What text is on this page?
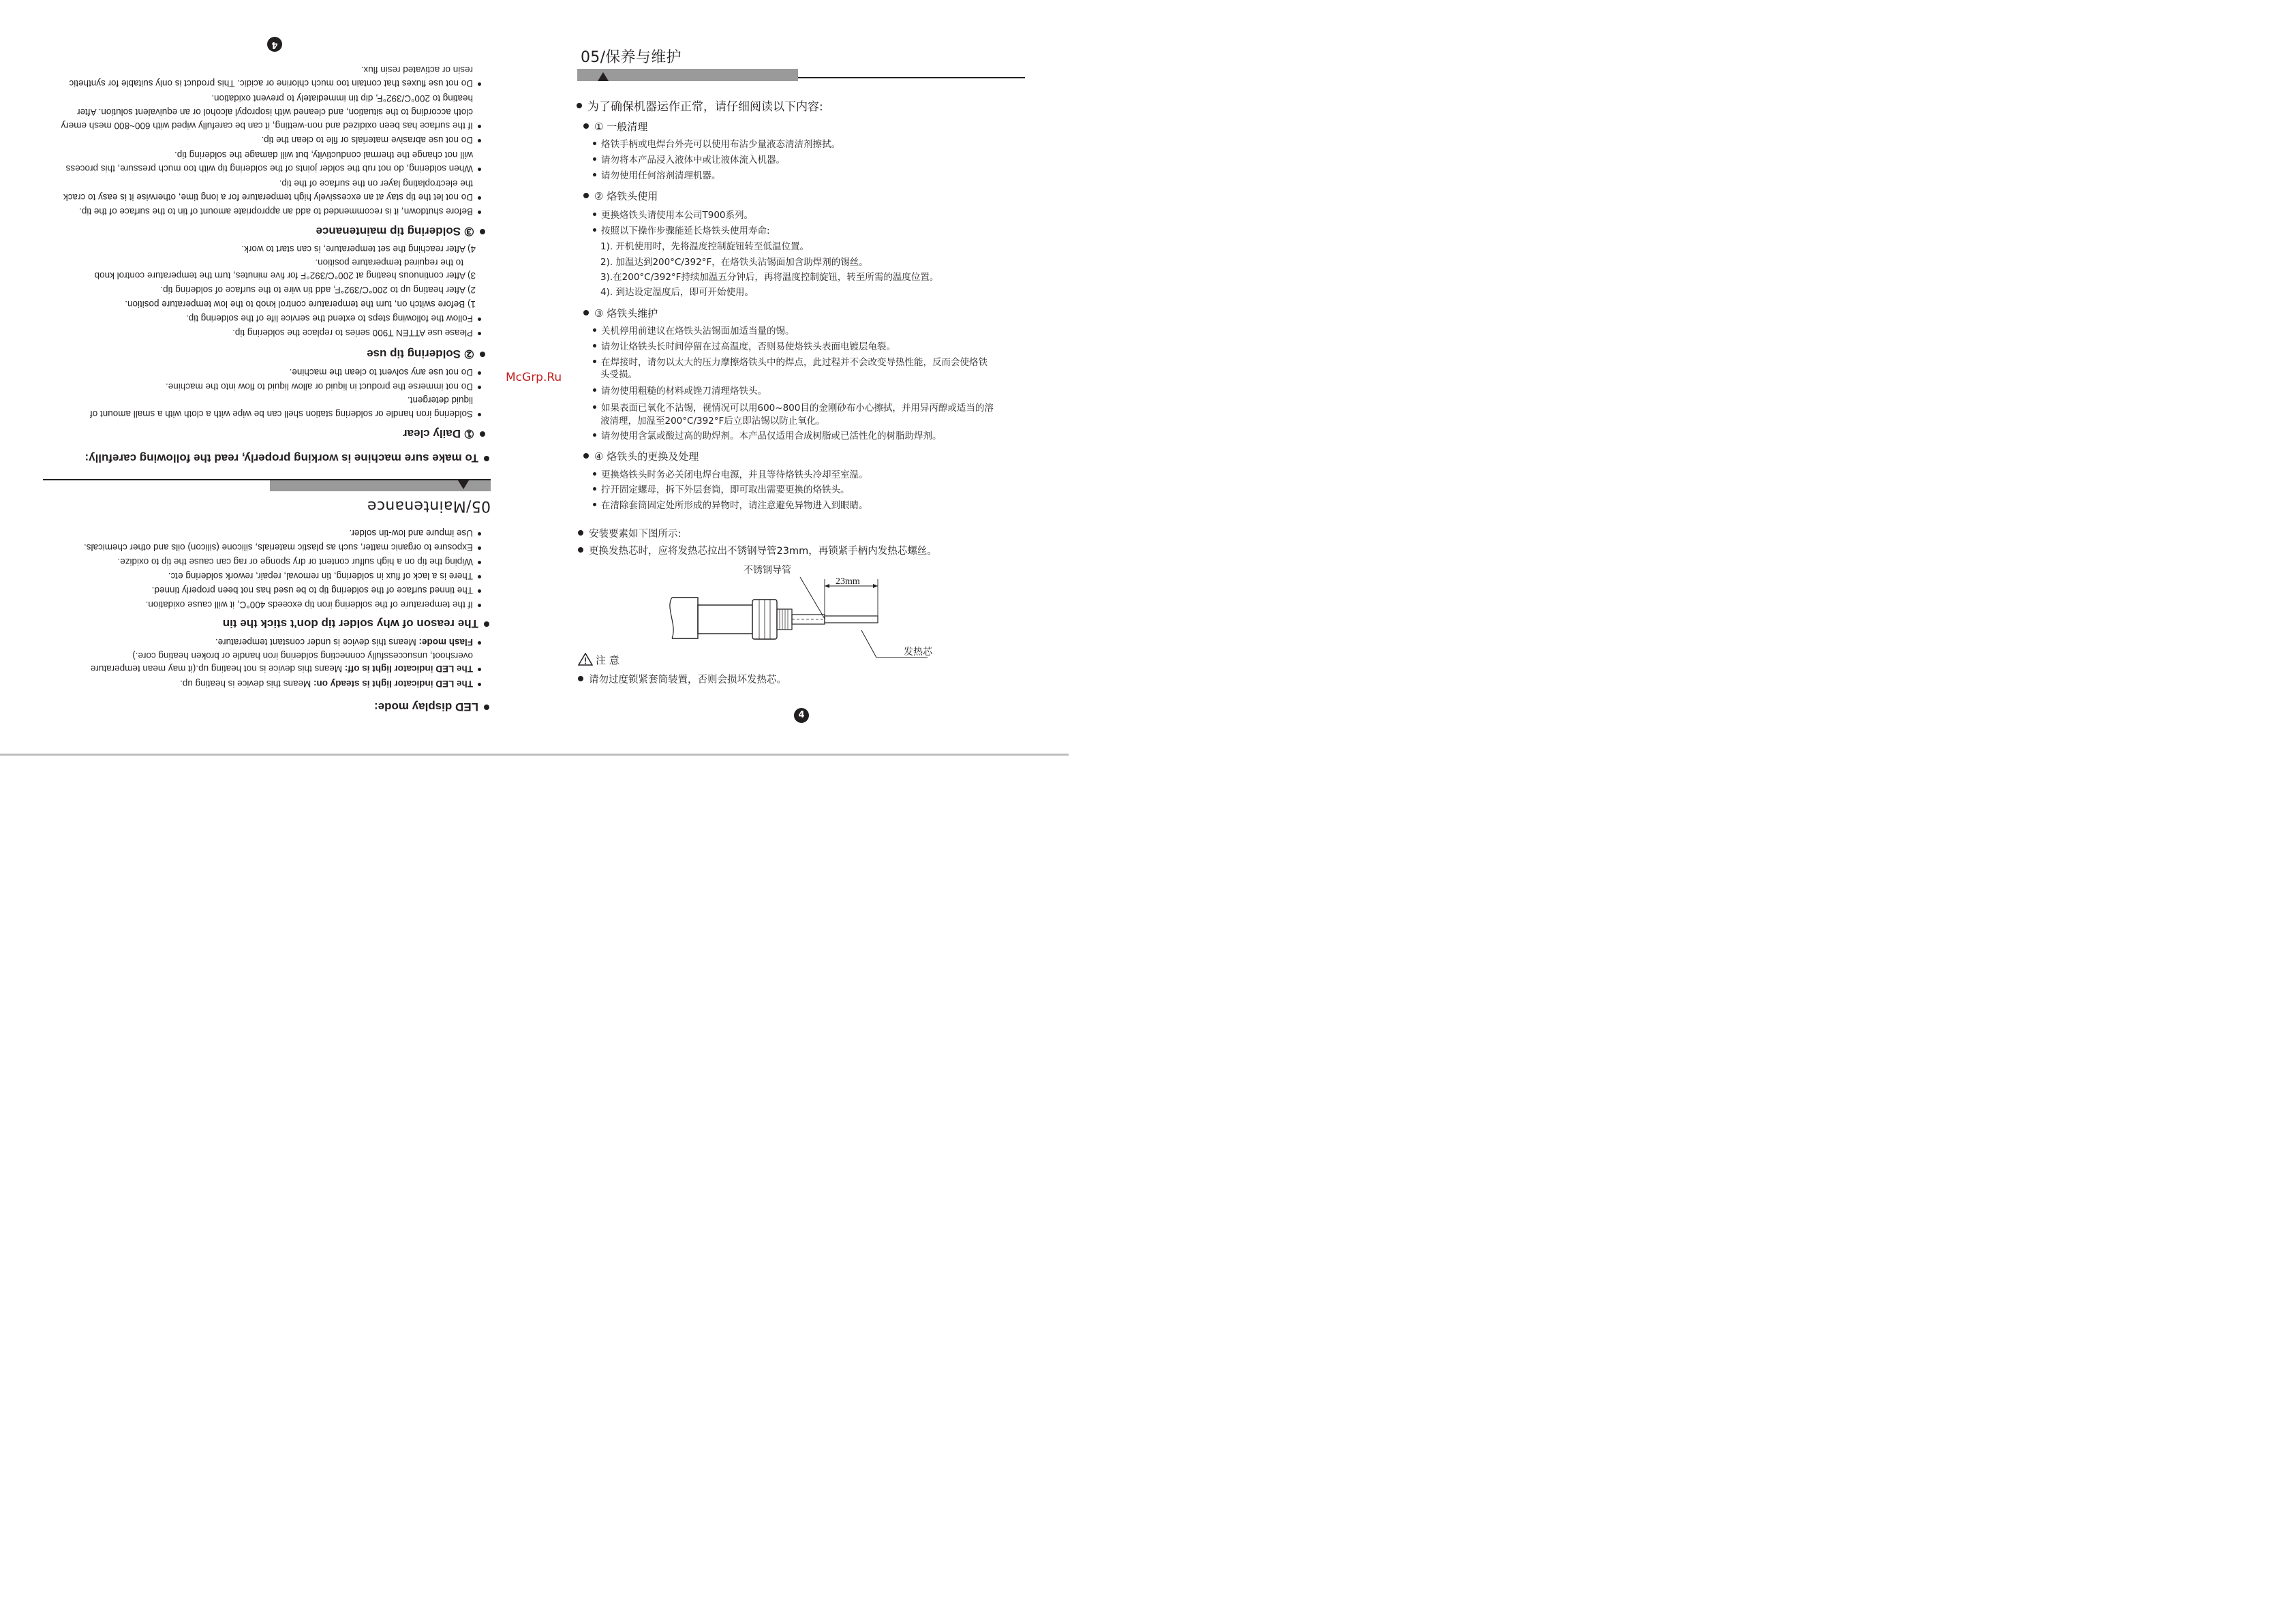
4
LED display mode:
The LED indicator light is steady on: Means this device is heating up.
The LED indicator light is off: Means this device is not heating up.(it may mean temperature
overshoot, unsuccessfully connecting soldering iron handle or broken heating core.)
Flash mode: Means this device is under constant temperature.
The reason of why solder tip don't stick the tin
If the temperature of the soldering iron tip exceeds 400°C, it will cause oxidation.
The tinned surface of the soldering tip to be used has not been properly tinned.
There is a lack of flux in soldering, tin removal, repair, rework soldering etc.
Wiping the tip on a high sulfur content or dry sponge or rag can cause the tip to oxidize.
Exposure to organic matter, such as plastic materials, silicone (silicon) oils and other chemicals.
Use impure and low-tin solder.
05/Maintenance
To make sure machine is working properly, read the following carefully:
① Daily clear
Soldering iron handle or soldering station shell can be wipe with a cloth with a small amount of
liquid detergent.
Do not immerse the product in liquid or allow liquid to flow into the machine.
Do not use any solvent to clean the machine.
② Soldering tip use
Please use ATTEN T900 series to replace the soldering tip.
Follow the following steps to extend the service life of the soldering tip.
1) Before switch on, turn the temperature control knob to the low temperature position.
2) After heating up to 200°C/392°F, add tin wire to the surface of soldering tip.
3) After continuous heating at 200°C/392°F for five minutes, turn the temperature control knob
to the required temperature position.
4) After reaching the set temperature, is can start to work.
③ Soldering tip maintenance
Before shutdown, it is recommended to add an appropriate amount of tin to the surface of the tip.
Do not let the tip stay at an excessively high temperature for a long time, otherwise it is easy to crack
the electroplating layer on the surface of the tip.
When soldering, do not rub the solder joints of the soldering tip with too much pressure, this process
will not change the thermal conductivity, but will damage the soldering tip.
Do not use abrasive materials or file to clean the tip.
If the surface has been oxidized and non-wetting, it can be carefully wiped with 600~800 mesh emery
cloth according to the situation, and cleaned with isopropyl alcohol or an equivalent solution. After
heating to 200°C/392°F, dip tin immediately to prevent oxidation.
Do not use fluxes that contain too much chlorine or acidic. This product is only suitable for synthetic
resin or activated resin flux.
McGrp.Ru
05/保养与维护
为了确保机器运作正常，请仔细阅读以下内容:
① 一般清理
烙铁手柄或电焊台外壳可以使用布沾少量液态清洁剂擦拭。
请勿将本产品浸入液体中或让液体流入机器。
请勿使用任何溶剂清理机器。
② 烙铁头使用
更换烙铁头请使用本公司T900系列。
按照以下操作步骤能延长烙铁头使用寿命:
1). 开机使用时，先将温度控制旋钮转至低温位置。
2). 加温达到200°C/392°F，在烙铁头沾锡面加含助焊剂的锡丝。
3).在200°C/392°F持续加温五分钟后，再将温度控制旋钮，转至所需的温度位置。
4). 到达设定温度后，即可开始使用。
③ 烙铁头维护
关机停用前建议在烙铁头沾锡面加适当量的锡。
请勿让烙铁头长时间停留在过高温度，否则易使烙铁头表面电镀层龟裂。
在焊接时，请勿以太大的压力摩擦烙铁头中的焊点，此过程并不会改变导热性能，反而会使烙铁
头受损。
请勿使用粗糙的材料或锉刀清理烙铁头。
如果表面已氧化不沾锡，视情况可以用600~800目的金刚砂布小心擦拭，并用异丙醇或适当的溶
液清理，加温至200°C/392°F后立即沾锡以防止氧化。
请勿使用含氯或酸过高的助焊剂。本产品仅适用合成树脂或已活性化的树脂助焊剂。
④ 烙铁头的更换及处理
更换烙铁头时务必关闭电焊台电源，并且等待烙铁头冷却至室温。
拧开固定螺母，拆下外层套筒，即可取出需要更换的烙铁头。
在清除套筒固定处所形成的异物时，请注意避免异物进入到眼睛。
安装要素如下图所示:
更换发热芯时，应将发热芯拉出不锈钢导管23mm，再锁紧手柄内发热芯螺丝。
不锈钢导管
23mm
发热芯
注 意
请勿过度锁紧套筒装置，否则会损坏发热芯。
4
